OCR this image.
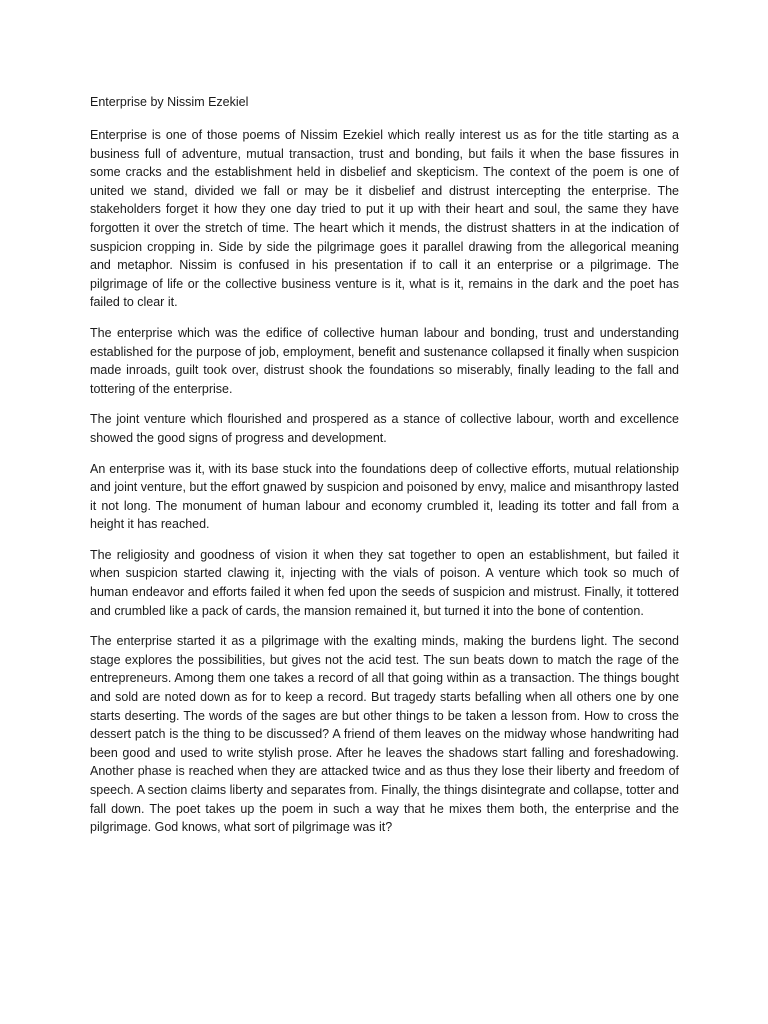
Enterprise by Nissim Ezekiel

Enterprise is one of those poems of Nissim Ezekiel which really interest us as for the title starting as a business full of adventure, mutual transaction, trust and bonding, but fails it when the base fissures in some cracks and the establishment held in disbelief and skepticism. The context of the poem is one of united we stand, divided we fall or may be it disbelief and distrust intercepting the enterprise. The stakeholders forget it how they one day tried to put it up with their heart and soul, the same they have forgotten it over the stretch of time. The heart which it mends, the distrust shatters in at the indication of suspicion cropping in. Side by side the pilgrimage goes it parallel drawing from the allegorical meaning and metaphor. Nissim is confused in his presentation if to call it an enterprise or a pilgrimage. The pilgrimage of life or the collective business venture is it, what is it, remains in the dark and the poet has failed to clear it.

The enterprise which was the edifice of collective human labour and bonding, trust and understanding established for the purpose of job, employment, benefit and sustenance collapsed it finally when suspicion made inroads, guilt took over, distrust shook the foundations so miserably, finally leading to the fall and tottering of the enterprise.

The joint venture which flourished and prospered as a stance of collective labour, worth and excellence showed the good signs of progress and development.

An enterprise was it, with its base stuck into the foundations deep of collective efforts, mutual relationship and joint venture, but the effort gnawed by suspicion and poisoned by envy, malice and misanthropy lasted it not long. The monument of human labour and economy crumbled it, leading its totter and fall from a height it has reached.

The religiosity and goodness of vision it when they sat together to open an establishment, but failed it when suspicion started clawing it, injecting with the vials of poison. A venture which took so much of human endeavor and efforts failed it when fed upon the seeds of suspicion and mistrust. Finally, it tottered and crumbled like a pack of cards, the mansion remained it, but turned it into the bone of contention.

The enterprise started it as a pilgrimage with the exalting minds, making the burdens light. The second stage explores the possibilities, but gives not the acid test. The sun beats down to match the rage of the entrepreneurs. Among them one takes a record of all that going within as a transaction. The things bought and sold are noted down as for to keep a record. But tragedy starts befalling when all others one by one starts deserting. The words of the sages are but other things to be taken a lesson from. How to cross the dessert patch is the thing to be discussed? A friend of them leaves on the midway whose handwriting had been good and used to write stylish prose. After he leaves the shadows start falling and foreshadowing. Another phase is reached when they are attacked twice and as thus they lose their liberty and freedom of speech. A section claims liberty and separates from. Finally, the things disintegrate and collapse, totter and fall down. The poet takes up the poem in such a way that he mixes them both, the enterprise and the pilgrimage. God knows, what sort of pilgrimage was it?
